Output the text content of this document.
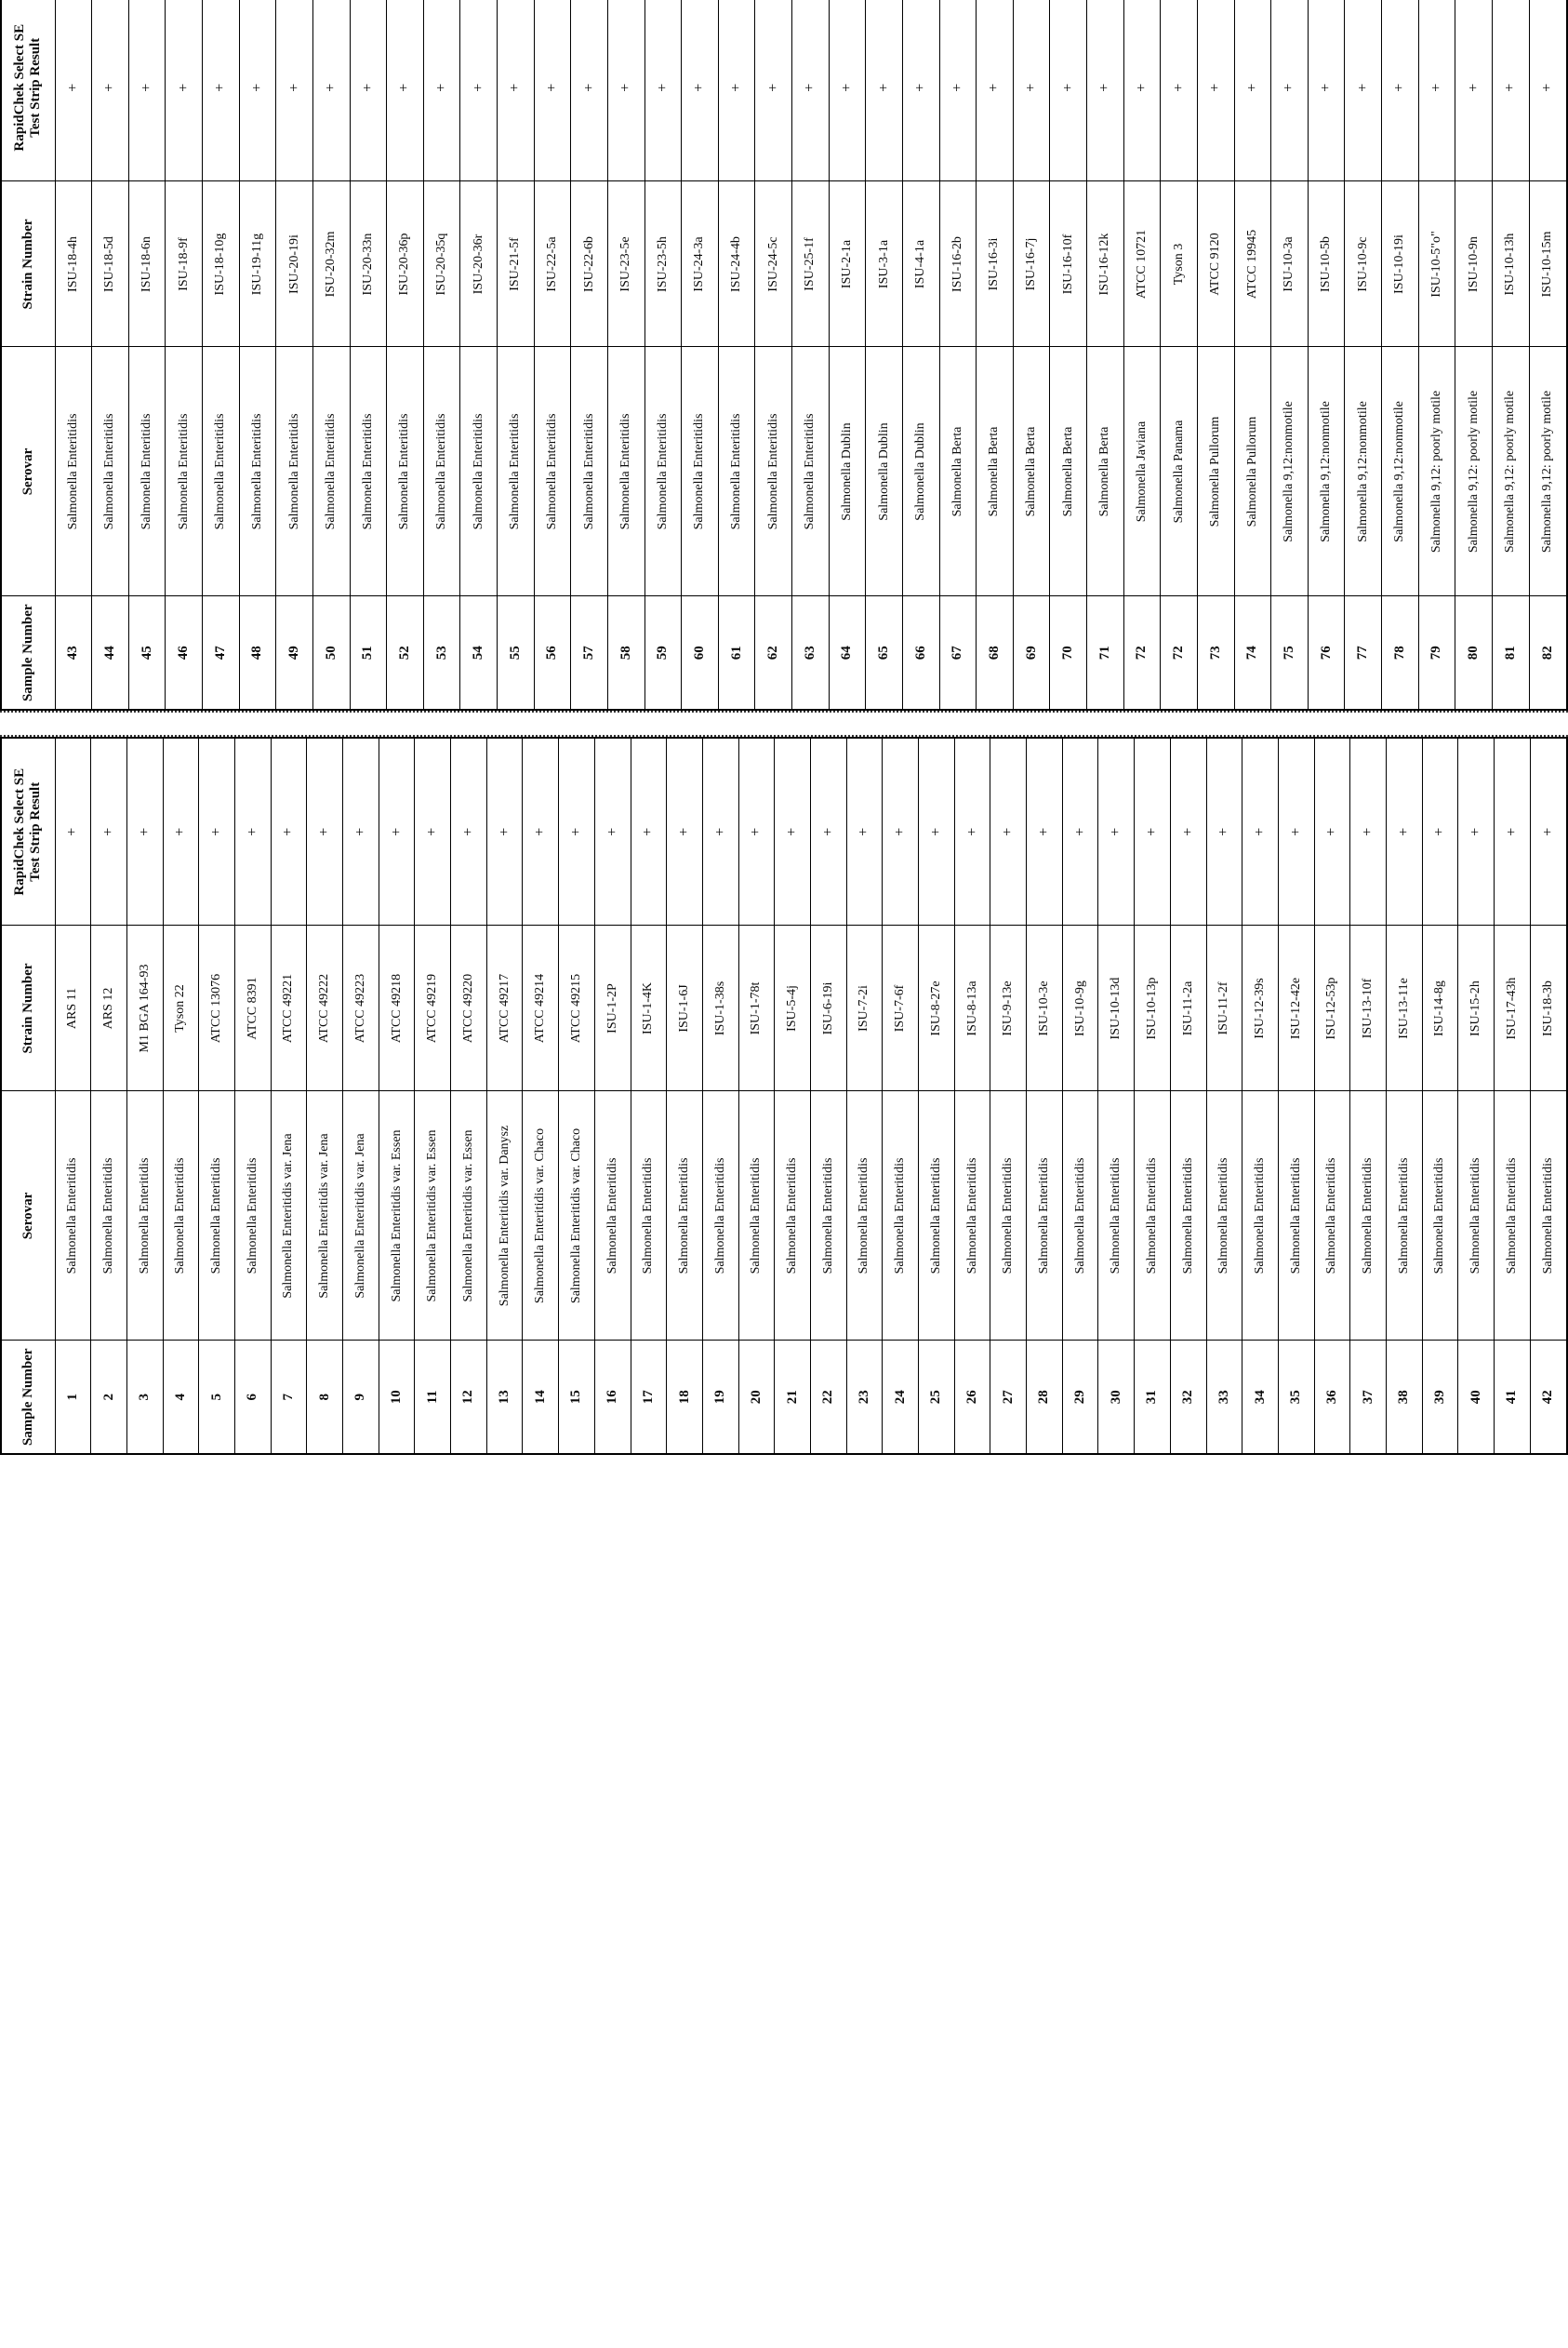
Sample Number	Serovar	Strain Number	RapidChek Select SE Test Strip Result

1	Salmonella Enteritidis	ARS 11	+
2	Salmonella Enteritidis	ARS 12	+
3	Salmonella Enteritidis	M1 BGA 164-93	+
4	Salmonella Enteritidis	Tyson 22	+
5	Salmonella Enteritidis	ATCC 13076	+
6	Salmonella Enteritidis	ATCC 8391	+
7	Salmonella Enteritidis var. Jena	ATCC 49221	+
8	Salmonella Enteritidis var. Jena	ATCC 49222	+
9	Salmonella Enteritidis var. Jena	ATCC 49223	+
10	Salmonella Enteritidis var. Essen	ATCC 49218	+
11	Salmonella Enteritidis var. Essen	ATCC 49219	+
12	Salmonella Enteritidis var. Essen	ATCC 49220	+
13	Salmonella Enteritidis var. Danysz	ATCC 49217	+
14	Salmonella Enteritidis var. Chaco	ATCC 49214	+
15	Salmonella Enteritidis var. Chaco	ATCC 49215	+
16	Salmonella Enteritidis	ISU-1-2P	+
17	Salmonella Enteritidis	ISU-1-4K	+
18	Salmonella Enteritidis	ISU-1-6J	+
19	Salmonella Enteritidis	ISU-1-38s	+
20	Salmonella Enteritidis	ISU-1-78t	+
21	Salmonella Enteritidis	ISU-5-4j	+
22	Salmonella Enteritidis	ISU-6-19i	+
23	Salmonella Enteritidis	ISU-7-2i	+
24	Salmonella Enteritidis	ISU-7-6f	+
25	Salmonella Enteritidis	ISU-8-27e	+
26	Salmonella Enteritidis	ISU-8-13a	+
27	Salmonella Enteritidis	ISU-9-13e	+
28	Salmonella Enteritidis	ISU-10-3e	+
29	Salmonella Enteritidis	ISU-10-9g	+
30	Salmonella Enteritidis	ISU-10-13d	+
31	Salmonella Enteritidis	ISU-10-13p	+
32	Salmonella Enteritidis	ISU-11-2a	+
33	Salmonella Enteritidis	ISU-11-2f	+
34	Salmonella Enteritidis	ISU-12-39s	+
35	Salmonella Enteritidis	ISU-12-42e	+
36	Salmonella Enteritidis	ISU-12-53p	+
37	Salmonella Enteritidis	ISU-13-10f	+
38	Salmonella Enteritidis	ISU-13-11e	+
39	Salmonella Enteritidis	ISU-14-8g	+
40	Salmonella Enteritidis	ISU-15-2h	+
41	Salmonella Enteritidis	ISU-17-43h	+
42	Salmonella Enteritidis	ISU-18-3b	+
Sample Number	Serovar	Strain Number	RapidChek Select SE Test Strip Result

43	Salmonella Enteritidis	ISU-18-4h	+
44	Salmonella Enteritidis	ISU-18-5d	+
45	Salmonella Enteritidis	ISU-18-6n	+
46	Salmonella Enteritidis	ISU-18-9f	+
47	Salmonella Enteritidis	ISU-18-10g	+
48	Salmonella Enteritidis	ISU-19-11g	+
49	Salmonella Enteritidis	ISU-20-19i	+
50	Salmonella Enteritidis	ISU-20-32m	+
51	Salmonella Enteritidis	ISU-20-33n	+
52	Salmonella Enteritidis	ISU-20-36p	+
53	Salmonella Enteritidis	ISU-20-35q	+
54	Salmonella Enteritidis	ISU-20-36r	+
55	Salmonella Enteritidis	ISU-21-5f	+
56	Salmonella Enteritidis	ISU-22-5a	+
57	Salmonella Enteritidis	ISU-22-6b	+
58	Salmonella Enteritidis	ISU-23-5e	+
59	Salmonella Enteritidis	ISU-23-5h	+
60	Salmonella Enteritidis	ISU-24-3a	+
61	Salmonella Enteritidis	ISU-24-4b	+
62	Salmonella Enteritidis	ISU-24-5c	+
63	Salmonella Enteritidis	ISU-25-1f	+
64	Salmonella Dublin	ISU-2-1a	+
65	Salmonella Dublin	ISU-3-1a	+
66	Salmonella Dublin	ISU-4-1a	+
67	Salmonella Berta	ISU-16-2b	+
68	Salmonella Berta	ISU-16-3i	+
69	Salmonella Berta	ISU-16-7j	+
70	Salmonella Berta	ISU-16-10f	+
71	Salmonella Berta	ISU-16-12k	+
72	Salmonella Javiana	ATCC 10721	+
72	Salmonella Panama	Tyson 3	+
73	Salmonella Pullorum	ATCC 9120	+
74	Salmonella Pullorum	ATCC 19945	+
75	Salmonella 9,12:nonmotile	ISU-10-3a	+
76	Salmonella 9,12:nonmotile	ISU-10-5b	+
77	Salmonella 9,12:nonmotile	ISU-10-9c	+
78	Salmonella 9,12:nonmotile	ISU-10-19i	+
79	Salmonella 9,12: poorly motile	ISU-10-5"o"	+
80	Salmonella 9,12: poorly motile	ISU-10-9n	+
81	Salmonella 9,12: poorly motile	ISU-10-13h	+
82	Salmonella 9,12: poorly motile	ISU-10-15m	+
